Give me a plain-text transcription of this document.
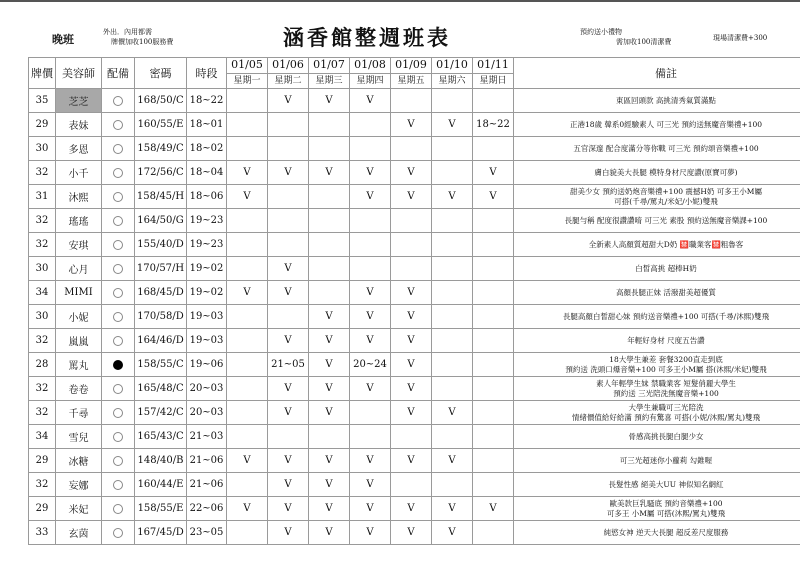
晚班
外出．內用都需
牌價加收100服務費	涵香館整週班表	預約送小禮物
需加收100清潔費	現場清潔費+300
牌價	美容師	配備	密碼	時段	01/05	01/06	01/07	01/08	01/09	01/10	01/11	備註
					星期一	星期二	星期三	星期四	星期五	星期六	星期日	
35	芝芝		168/50/C	18~22		V	V	V				東區回頭款 高挑清秀氣質滿點

29	表妹		160/55/E	18~01					V	V	18~22	正港18歲 韓系0經驗素人 可三光 預約送無魔音樂禮+100

30	多恩		158/49/C	18~02								五官深邃 配合度滿分等你戰 可三光 預約頌音樂禮+100

32	小千		172/56/C	18~04	V	V	V	V	V		V	膚白貌美大長腿 模特身材尺度讚(原寶可夢)

31	沐熙		158/45/H	18~06	V			V	V	V	V	甜美少女 預約送奶炮音樂禮+100 震撼H奶 可多王小M屬
可搭(千尋/罵丸/米妃/小妮)雙飛

32	瑤瑤		164/50/G	19~23								長腿勻稱 配度很讚讚唷 可三光 素股 預約送無魔音樂課+100

32	安琪		155/40/D	19~23								全新素人高顏質超甜大D奶 🈲職業客🈲粗魯客

30	心月		170/57/H	19~02		V						白皙高挑 超棒H奶

34	MIMI		168/45/D	19~02	V	V		V	V			高顏長腿正妹 活潑甜美超優質

30	小妮		170/58/D	19~03			V	V	V			長腿高顏白皙甜心妹 預約送音樂禮+100 可搭(千尋/沐熙)雙飛

32	嵐嵐		164/46/D	19~03		V	V	V	V			年輕好身材 尺度五告讚

28	罵丸		158/55/C	19~06		21~05	V	20~24	V			18大學生兼差 套餐3200直走到底
預約送 洗頭口爆音樂+100 可多王小M屬 搭(沐熙/米妃)雙飛

32	卷卷		165/48/C	20~03		V	V	V	V			素人年輕學生妹 禁職業客 短髮俏麗大學生
預約送 三光陪洗無魔音樂+100

32	千尋		157/42/C	20~03		V	V		V	V		大學生兼職可三光陪洗
情緒價值給好給滿 預約有驚喜 可搭(小妮/沐熙/罵丸)雙飛

34	雪兒		165/43/C	21~03								骨感高挑長腿白腿少女

29	冰糖		148/40/B	21~06	V	V	V	V	V	V		可三光超迷你小蘿莉 勾錐喔

32	妄娜		160/44/E	21~06		V	V	V				長髮性感 絕美大UU 神似知名網紅

29	米妃		158/55/E	22~06	V	V	V	V	V	V	V	歐美款巨乳騷底 預約音樂禮+100
可多王 小M屬 可搭(沐熙/罵丸)雙飛

33	玄茵		167/45/D	23~05		V	V	V	V	V		純慾女神 逆天大長腿 超反差尺度服務
